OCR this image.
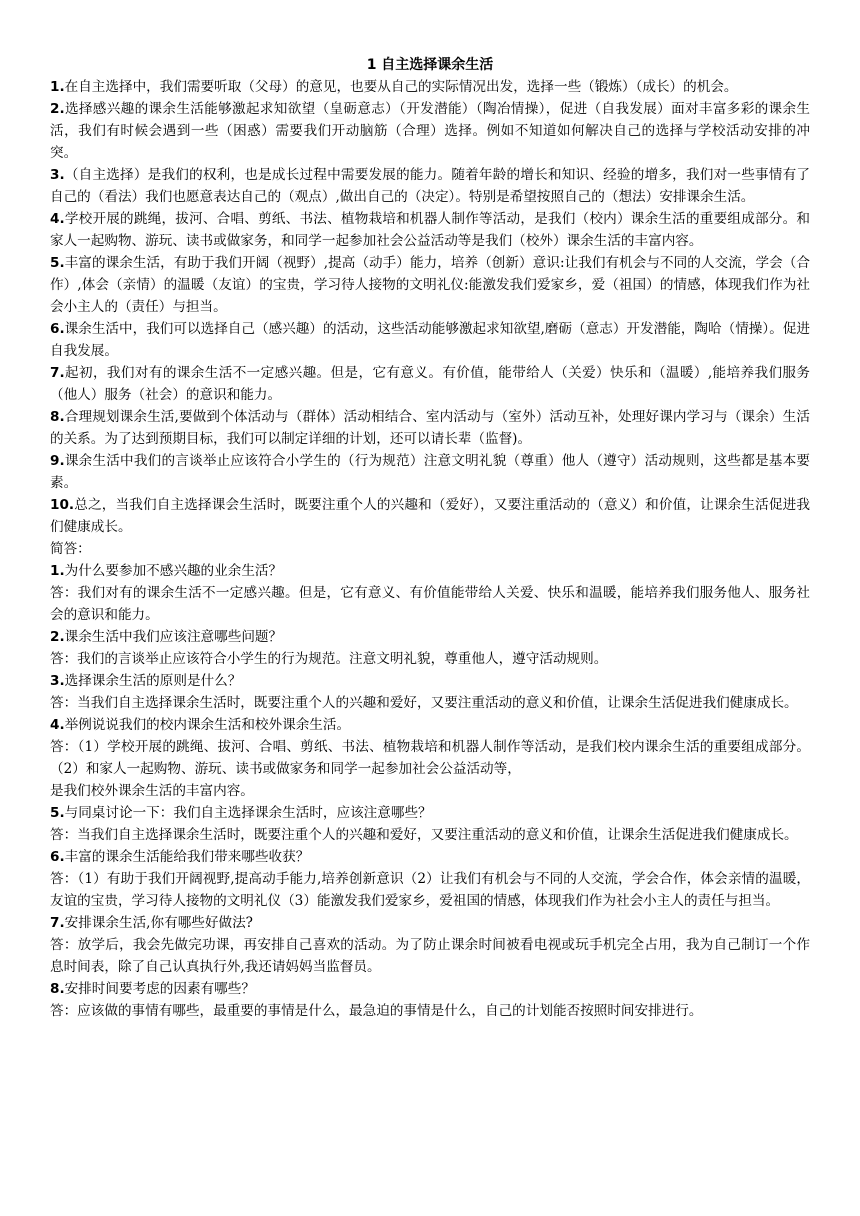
1 自主选择课余生活

1.在自主选择中，我们需要听取（父母）的意见，也要从自己的实际情况出发，选择一些（锻炼）（成长）的机会。

2.选择感兴趣的课余生活能够激起求知欲望（皇砺意志）（开发潜能）（陶冶情操），促进（自我发展）面对丰富多彩的课余生活，我们有时候会遇到一些（困惑）需要我们开动脑筋（合理）选择。例如不知道如何解决自己的选择与学校活动安排的冲突。

3.（自主选择）是我们的权利，也是成长过程中需要发展的能力。随着年龄的增长和知识、经验的增多，我们对一些事情有了自己的（看法）我们也愿意表达自己的（观点）,做出自己的（决定）。特别是希望按照自己的（想法）安排课余生活。

4.学校开展的跳绳，拔河、合唱、剪纸、书法、植物栽培和机器人制作等活动，是我们（校内）课余生活的重要组成部分。和家人一起购物、游玩、读书或做家务，和同学一起参加社会公益活动等是我们（校外）课余生活的丰富内容。

5.丰富的课余生活，有助于我们开阔（视野）,提高（动手）能力，培养（创新）意识:让我们有机会与不同的人交流，学会（合作）,体会（亲情）的温暖（友谊）的宝贵，学习待人接物的文明礼仪:能激发我们爱家乡，爱（祖国）的情感，体现我们作为社会小主人的（责任）与担当。

6.课余生活中，我们可以选择自己（感兴趣）的活动，这些活动能够激起求知欲望,磨砺（意志）开发潜能，陶哈（情操）。促进自我发展。

7.起初，我们对有的课余生活不一定感兴趣。但是，它有意义。有价值，能带给人（关爱）快乐和（温暖）,能培养我们服务（他人）服务（社会）的意识和能力。

8.合理规划课余生活,要做到个体活动与（群体）活动相结合、室内活动与（室外）活动互补，处理好课内学习与（课余）生活的关系。为了达到预期目标，我们可以制定详细的计划，还可以请长辈（监督)。

9.课余生活中我们的言谈举止应该符合小学生的（行为规范）注意文明礼貌（尊重）他人（遵守）活动规则，这些都是基本要素。

10.总之，当我们自主选择课会生活时，既要注重个人的兴趣和（爱好），又要注重活动的（意义）和价值，让课余生活促进我们健康成长。

简答：

1.为什么要参加不感兴趣的业余生活？

答：我们对有的课余生活不一定感兴趣。但是，它有意义、有价值能带给人关爱、快乐和温暖，能培养我们服务他人、服务社会的意识和能力。

2.课余生活中我们应该注意哪些问题？

答：我们的言谈举止应该符合小学生的行为规范。注意文明礼貌，尊重他人，遵守活动规则。

3.选择课余生活的原则是什么？

答：当我们自主选择课余生活时，既要注重个人的兴趣和爱好，又要注重活动的意义和价值，让课余生活促进我们健康成长。

4.举例说说我们的校内课余生活和校外课余生活。

答：（1）学校开展的跳绳、拔河、合唱、剪纸、书法、植物栽培和机器人制作等活动，是我们校内课余生活的重要组成部分。（2）和家人一起购物、游玩、读书或做家务和同学一起参加社会公益活动等，

是我们校外课余生活的丰富内容。

5.与同桌讨论一下：我们自主选择课余生活时，应该注意哪些？

答：当我们自主选择课余生活时，既要注重个人的兴趣和爱好，又要注重活动的意义和价值，让课余生活促进我们健康成长。

6.丰富的课余生活能给我们带来哪些收获？

答：（1）有助于我们开阔视野,提高动手能力,培养创新意识（2）让我们有机会与不同的人交流，学会合作，体会亲情的温暖，友谊的宝贵，学习待人接物的文明礼仪（3）能激发我们爱家乡，爱祖国的情感，体现我们作为社会小主人的责任与担当。

7.安排课余生活,你有哪些好做法?

答：放学后，我会先做完功课，再安排自己喜欢的活动。为了防止课余时间被看电视或玩手机完全占用，我为自己制订一个作息时间表，除了自己认真执行外,我还请妈妈当监督员。

8.安排时间要考虑的因素有哪些？

答：应该做的事情有哪些，最重要的事情是什么，最急迫的事情是什么，自己的计划能否按照时间安排进行。
